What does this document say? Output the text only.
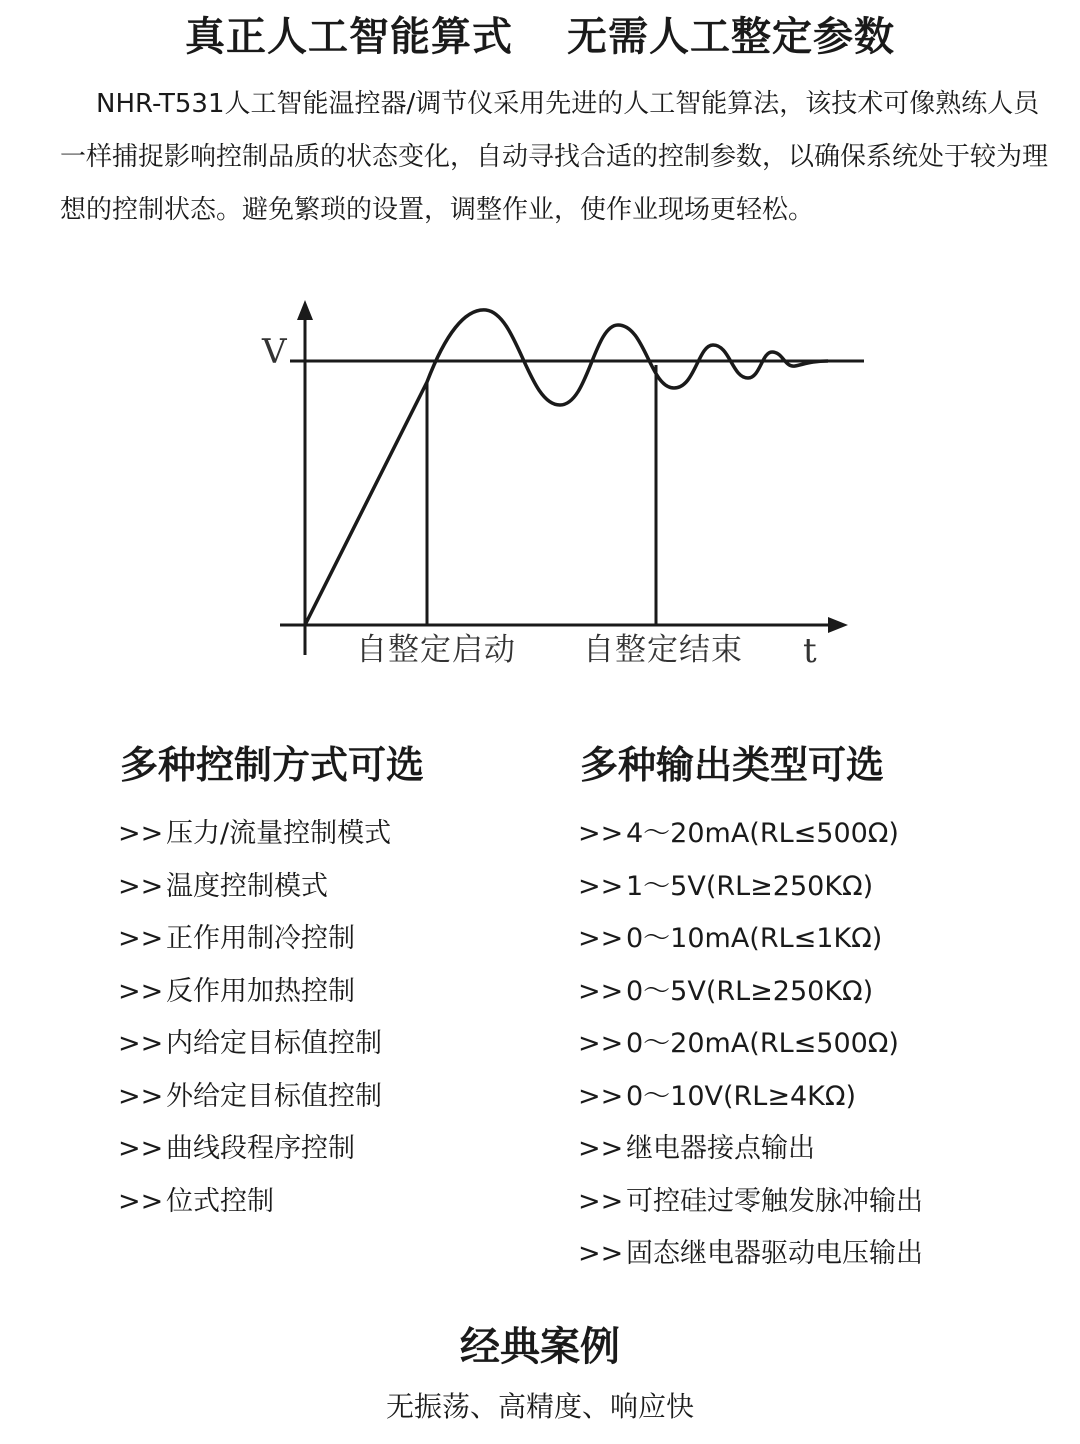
真正人工智能算式 无需人工整定参数

NHR-T531人工智能温控器/调节仪采用先进的人工智能算法，该技术可像熟练人员一样捕捉影响控制品质的状态变化，自动寻找合适的控制参数，以确保系统处于较为理想的控制状态。避免繁琐的设置，调整作业，使作业现场更轻松。

V
t
自整定启动 自整定结束
多种控制方式可选	多种输出类型可选
>> 压力/流量控制模式
>> 温度控制模式
>> 正作用制冷控制
>> 反作用加热控制
>> 内给定目标值控制
>> 外给定目标值控制
>> 曲线段程序控制
>> 位式控制
>> 4～20mA(RL≤500Ω)
>> 1～5V(RL≥250KΩ)
>> 0～10mA(RL≤1KΩ)
>> 0～5V(RL≥250KΩ)
>> 0～20mA(RL≤500Ω)
>> 0～10V(RL≥4KΩ)
>> 继电器接点输出
>> 可控硅过零触发脉冲输出
>> 固态继电器驱动电压输出
经典案例

无振荡、高精度、响应快
